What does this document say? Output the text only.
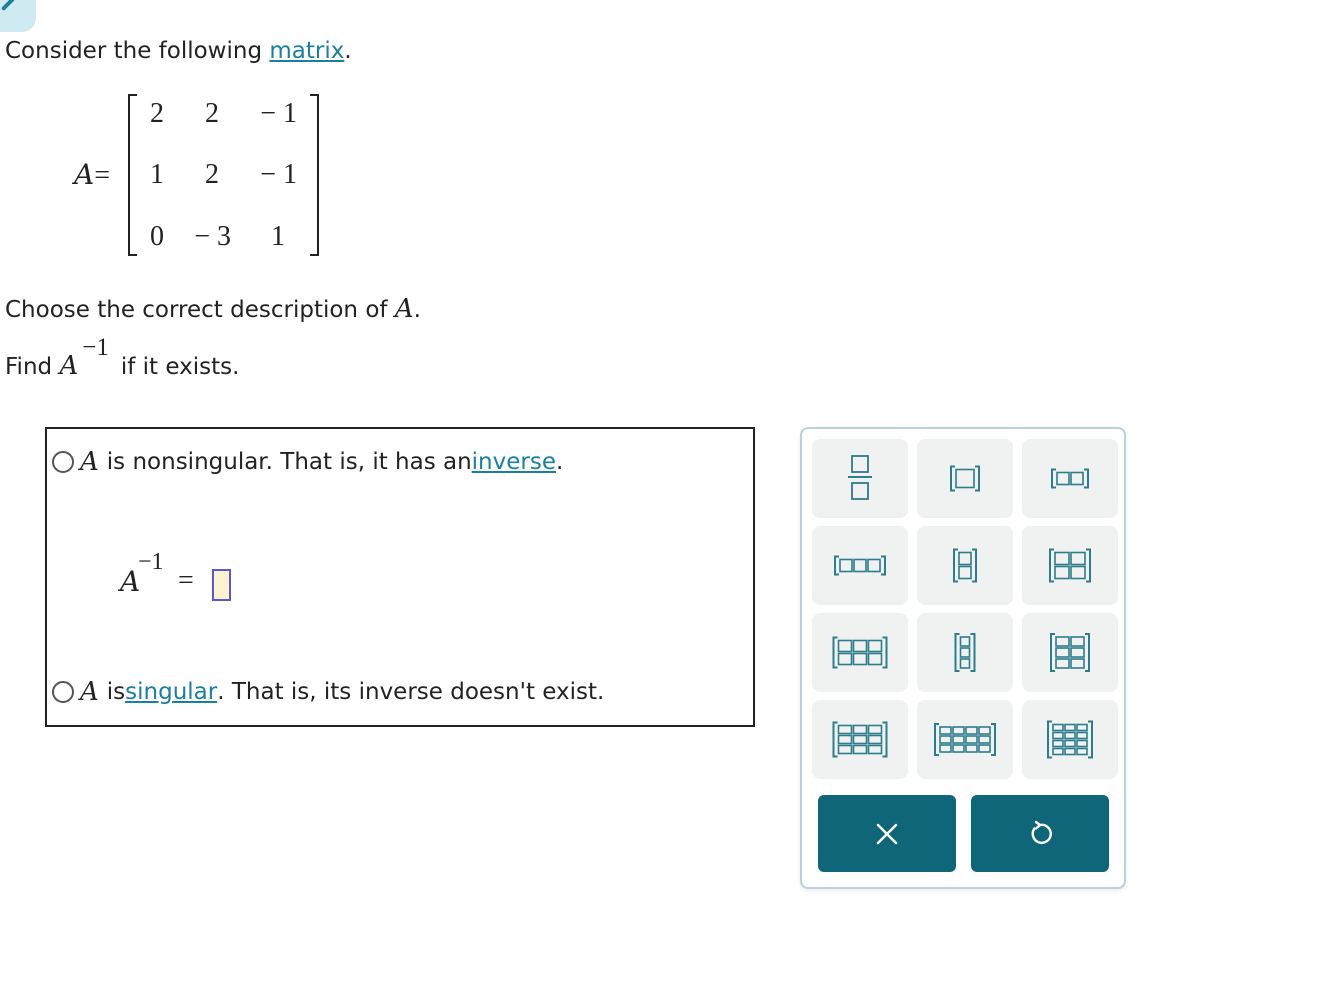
Consider the following matrix.
A=
2	2	− 1
1	2	− 1
0	− 3	1
Choose the correct description of A.
Find A−1if it exists.
A is nonsingular. That is, it has an inverse .
A
−1
=
A is singular . That is, its inverse doesn't exist.
